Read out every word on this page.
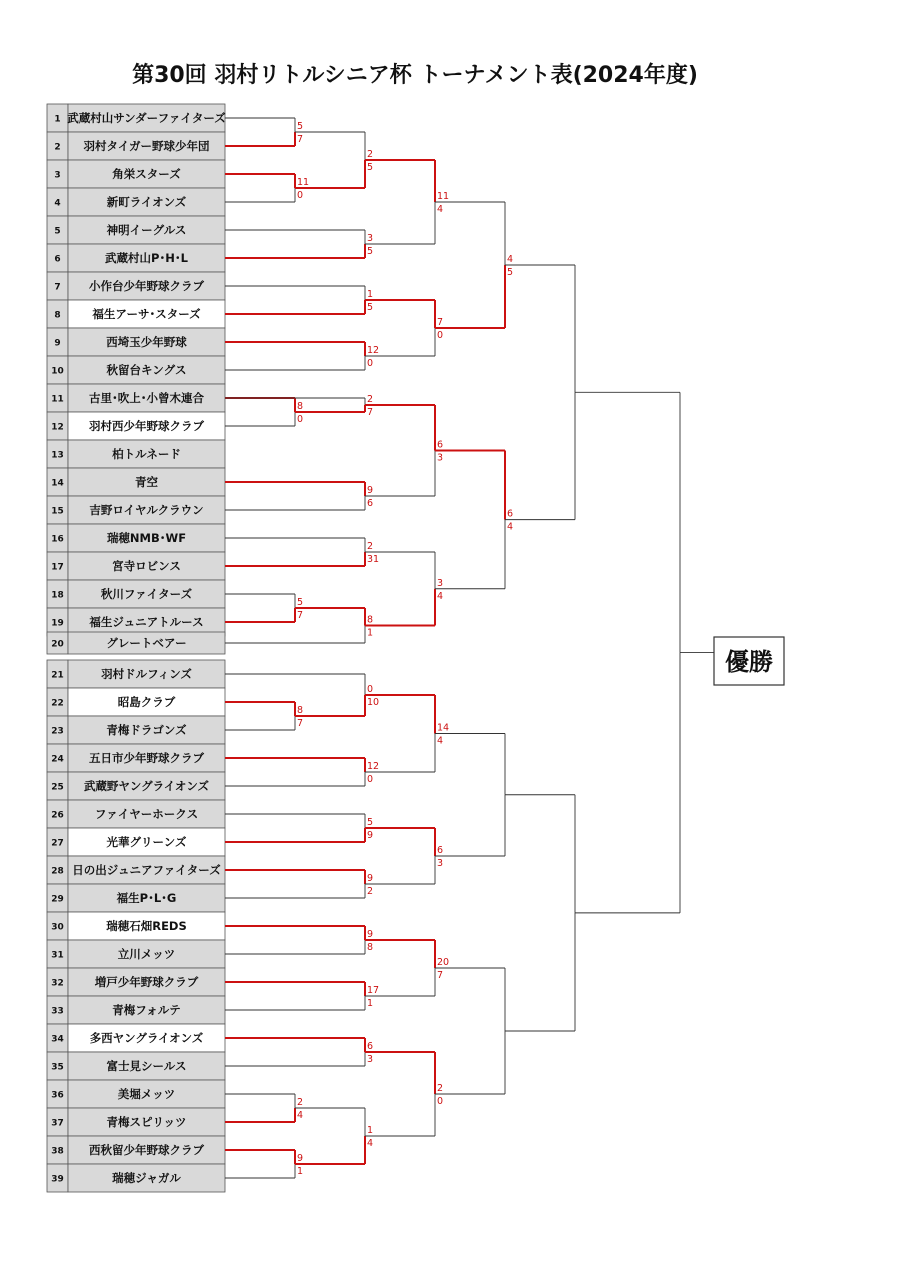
第30回 羽村リトルシニア杯 トーナメント表(2024年度)
1 武蔵村山サンダーファイターズ
2 羽村タイガー野球少年団
3	角栄スターズ
4	新町ライオンズ
5	神明イーグルス
6	武蔵村山P･H･L
7 小作台少年野球クラブ
8	福生アーサ･スターズ
9	西埼玉少年野球
10	秋留台キングス
11 古里･吹上･小曾木連合
12 羽村西少年野球クラブ
13	柏トルネード
14	青空
15 吉野ロイヤルクラウン
16	瑞穂NMB･WF
17	宮寺ロビンス
18	秋川ファイターズ
19 福生ジュニアトルース
20	グレートベアー
21	羽村ドルフィンズ
22	昭島クラブ
23	青梅ドラゴンズ
24 五日市少年野球クラブ
25 武蔵野ヤングライオンズ
26	ファイヤーホークス
27	光華グリーンズ
28 日の出ジュニアファイターズ
29	福生P･L･G
30	瑞穂石畑REDS
31	立川メッツ
32	増戸少年野球クラブ
33	青梅フォルテ
34 多西ヤングライオンズ
35	富士見シールス
36	美堀メッツ
37	青梅スピリッツ
38 西秋留少年野球クラブ
39	瑞穂ジャガル
5
7
11
0
8
0
5
7
8
7
2
4
9
1
2
5
3
5
1
5
12
0
2
7
9
6
2
31
8
1
0
10
12
0
5
9
9
2
9
8
17
1
6
3
1
4
11
4
7
0
6
3
3
4
14
4
6
3
20
7
2
0
4
5
6
4
優勝
